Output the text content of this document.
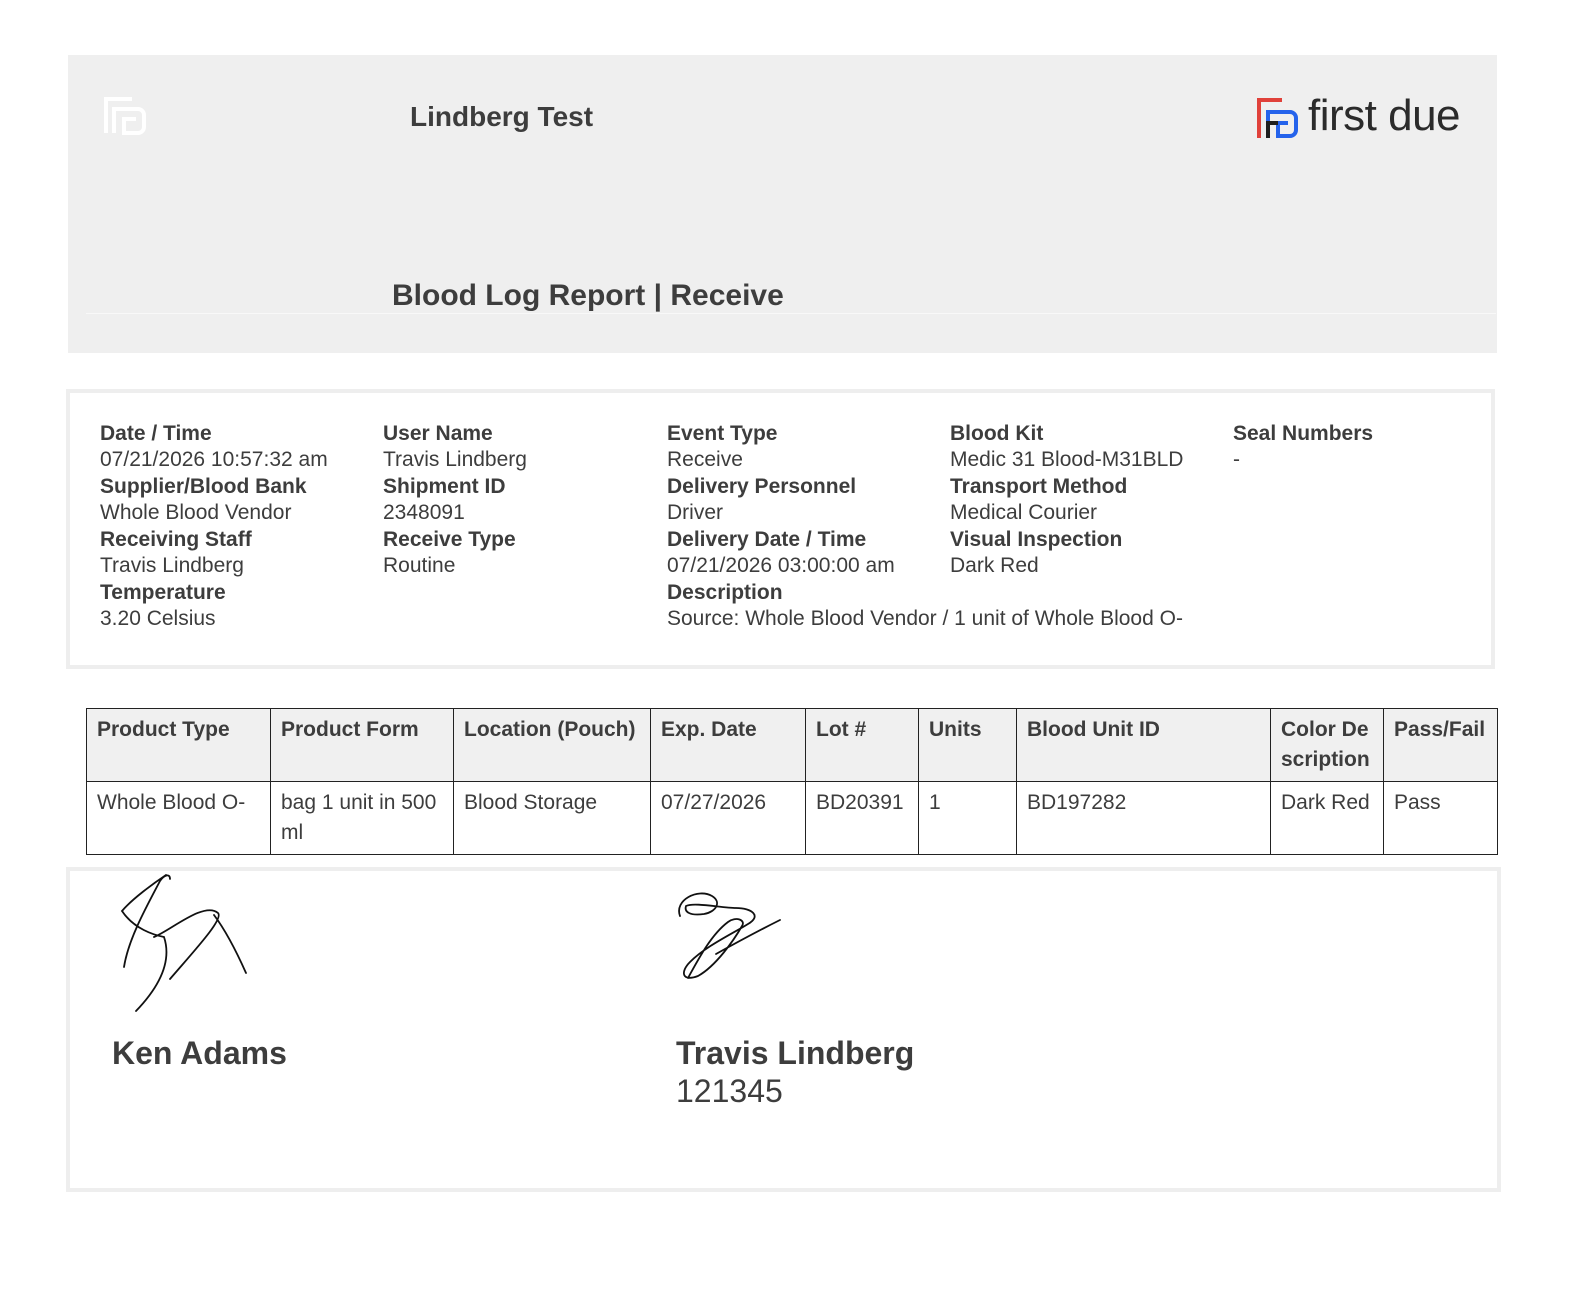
Lindberg Test
Blood Log Report | Receive
first due
Date / Time
07/21/2026 10:57:32 am
Supplier/Blood Bank
Whole Blood Vendor
Receiving Staff
Travis Lindberg
Temperature
3.20 Celsius
User Name
Travis Lindberg
Shipment ID
2348091
Receive Type
Routine
Event Type
Receive
Delivery Personnel
Driver
Delivery Date / Time
07/21/2026 03:00:00 am
Description
Source: Whole Blood Vendor / 1 unit of Whole Blood O-
Blood Kit
Medic 31 Blood-M31BLD
Transport Method
Medical Courier
Visual Inspection
Dark Red
Seal Numbers
-
Product Type	Product Form	Location (Pouch)	Exp. Date	Lot #	Units	Blood Unit ID	Color Description	Pass/Fail
Whole Blood O-	bag 1 unit in 500 ml	Blood Storage	07/27/2026	BD20391	1	BD197282	Dark Red	Pass
Ken Adams	Travis Lindberg
121345
